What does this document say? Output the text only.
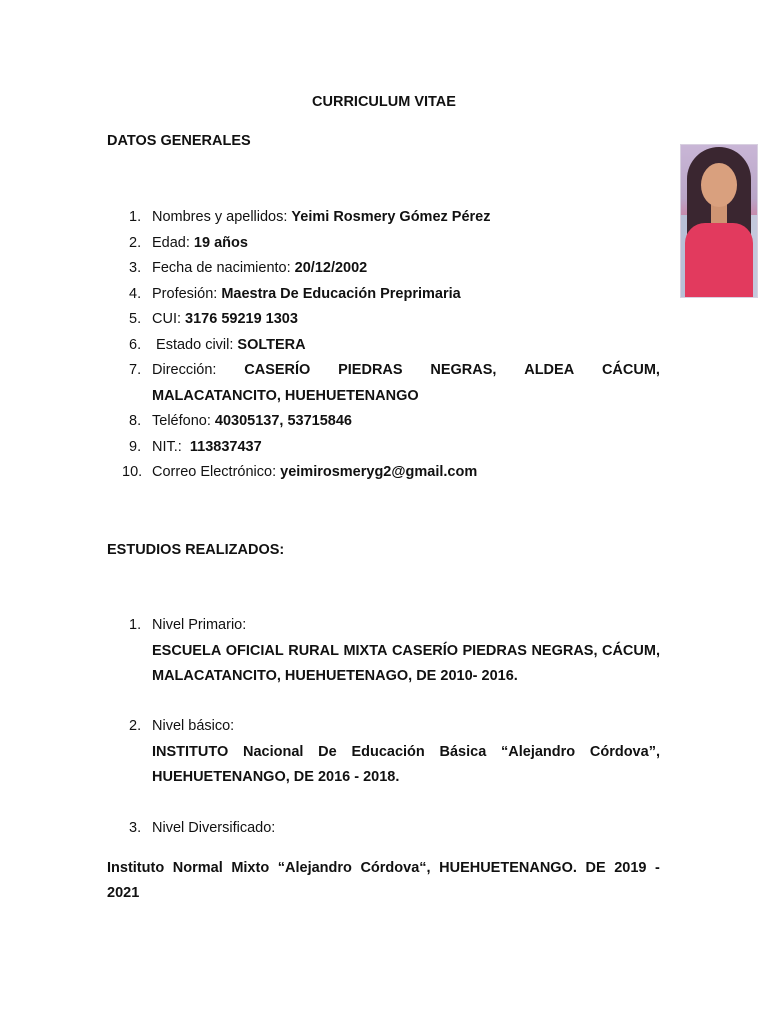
CURRICULUM VITAE
DATOS GENERALES
1. Nombres y apellidos: Yeimi Rosmery Gómez Pérez
2. Edad: 19 años
3. Fecha de nacimiento: 20/12/2002
4. Profesión: Maestra De Educación Preprimaria
5. CUI: 3176 59219 1303
6. Estado civil: SOLTERA
7. Dirección: CASERÍO PIEDRAS NEGRAS, ALDEA CÁCUM,
MALACATANCITO, HUEHUETENANGO
8. Teléfono: 40305137, 53715846
9. NIT.:  113837437
10. Correo Electrónico: yeimirosmeryg2@gmail.com
ESTUDIOS REALIZADOS:
1. Nivel Primario:
ESCUELA OFICIAL RURAL MIXTA CASERÍO PIEDRAS NEGRAS, CÁCUM,
MALACATANCITO, HUEHUETENAGO, DE 2010- 2016.
2. Nivel básico:
INSTITUTO Nacional De Educación Básica “Alejandro Córdova”,
HUEHUETENANGO, DE 2016 - 2018.
3. Nivel Diversificado:
Instituto Normal Mixto “Alejandro Córdova“, HUEHUETENANGO. DE 2019 -
2021
